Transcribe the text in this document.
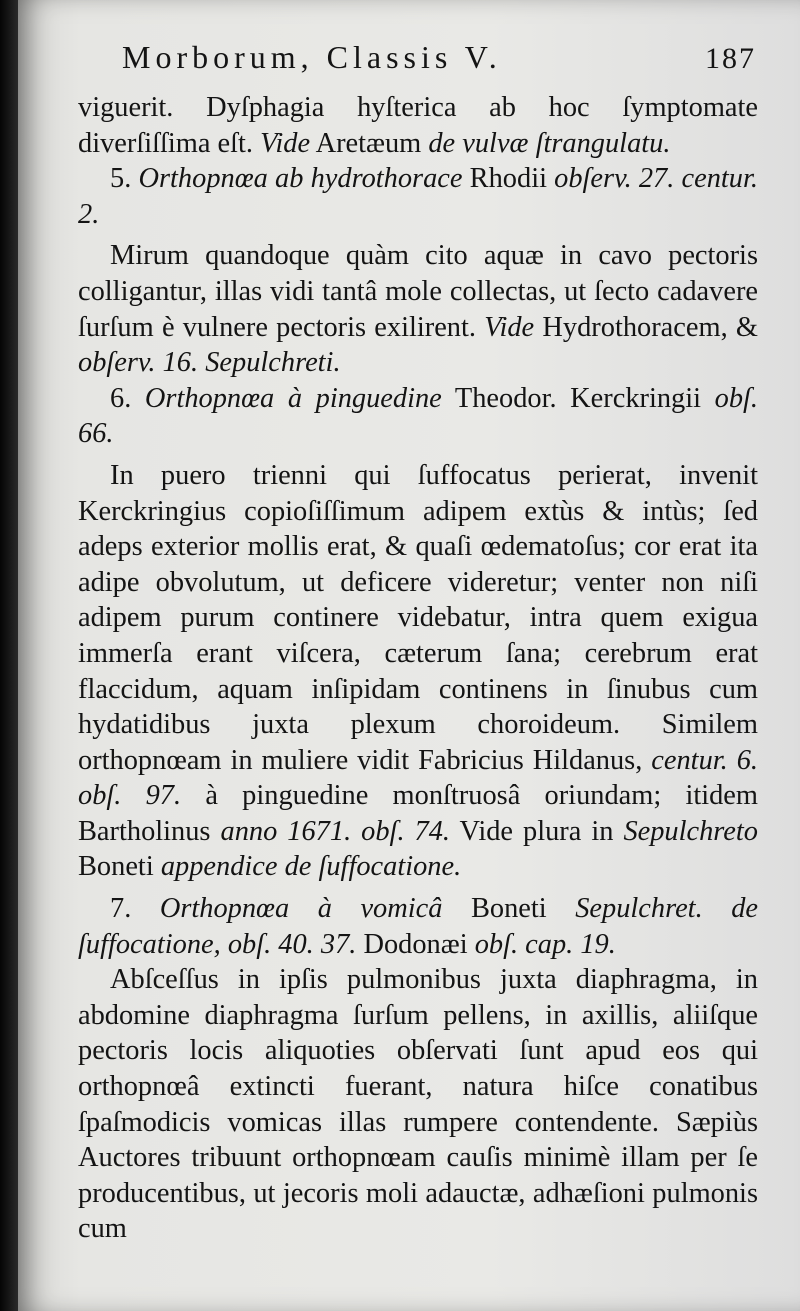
Morborum, Classis V.	187

viguerit. Dyſphagia hyſterica ab hoc ſymptomate diverſiſſima eſt. Vide Aretæum de vulvæ ſtrangulatu.

5. Orthopnœa ab hydrothorace Rhodii obſerv. 27. centur. 2.

Mirum quandoque quàm cito aquæ in cavo pectoris colligantur, illas vidi tantâ mole collectas, ut ſecto cadavere ſurſum è vulnere pectoris exilirent. Vide Hydrothoracem, & obſerv. 16. Sepulchreti.

6. Orthopnœa à pinguedine Theodor. Kerckringii obſ. 66.

In puero trienni qui ſuffocatus perierat, invenit Kerckringius copioſiſſimum adipem extùs & intùs; ſed adeps exterior mollis erat, & quaſi œdematoſus; cor erat ita adipe obvolutum, ut deficere videretur; venter non niſi adipem purum continere videbatur, intra quem exigua immerſa erant viſcera, cæterum ſana; cerebrum erat flaccidum, aquam inſipidam continens in ſinubus cum hydatidibus juxta plexum choroideum. Similem orthopnœam in muliere vidit Fabricius Hildanus, centur. 6. obſ. 97. à pinguedine monſtruosâ oriundam; itidem Bartholinus anno 1671. obſ. 74. Vide plura in Sepulchreto Boneti appendice de ſuffocatione.

7. Orthopnœa à vomicâ Boneti Sepulchret. de ſuffocatione, obſ. 40. 37. Dodonæi obſ. cap. 19.

Abſceſſus in ipſis pulmonibus juxta diaphragma, in abdomine diaphragma ſurſum pellens, in axillis, aliiſque pectoris locis aliquoties obſervati ſunt apud eos qui orthopnœâ extincti fuerant, natura hiſce conatibus ſpaſmodicis vomicas illas rumpere contendente. Sæpiùs Auctores tribuunt orthopnœam cauſis minimè illam per ſe producentibus, ut jecoris moli adauctæ, adhæſioni pulmonis cum
